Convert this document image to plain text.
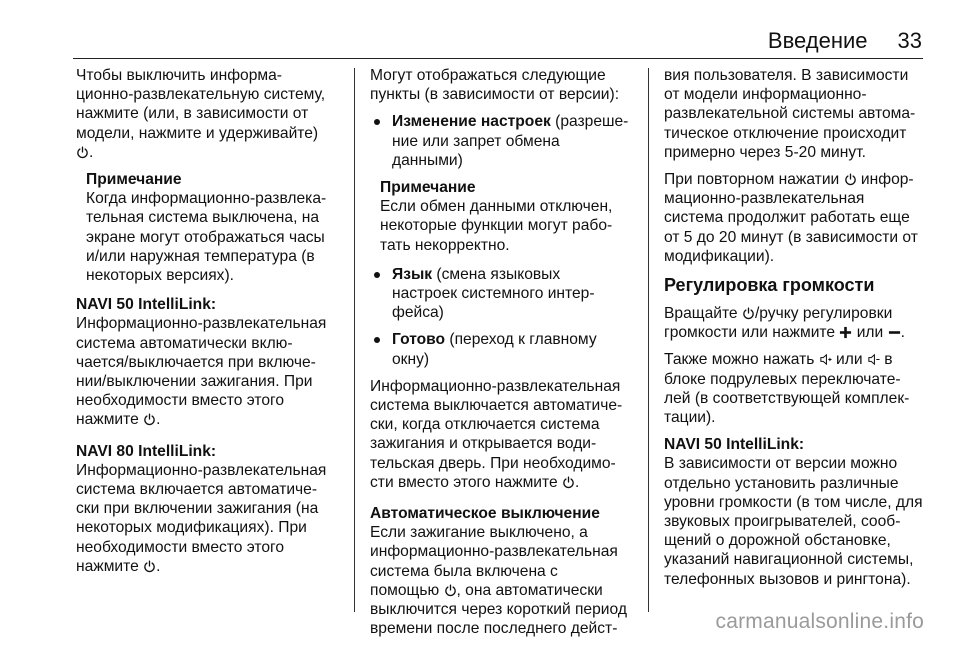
Введение 33

Чтобы выключить информа-
ционно-развлекательную систему,
нажмите (или, в зависимости от
модели, нажмите и удерживайте)
.

Примечание
Когда информационно-развлека-
тельная система выключена, на
экране могут отображаться часы
и/или наружная температура (в
некоторых версиях).

NAVI 50 IntelliLink:
Информационно-развлекательная
система автоматически вклю-
чается/выключается при включе-
нии/выключении зажигания. При
необходимости вместо этого
нажмите .

NAVI 80 IntelliLink:
Информационно-развлекательная
система включается автоматиче-
ски при включении зажигания (на
некоторых модификациях). При
необходимости вместо этого
нажмите .

Могут отображаться следующие
пункты (в зависимости от версии):

Изменение настроек (разреше-
ние или запрет обмена
данными)
Примечание
Если обмен данными отключен,
некоторые функции могут рабо-
тать некорректно.
Язык (смена языковых
настроек системного интер-
фейса)
Готово (переход к главному
окну)

Информационно-развлекательная
система выключается автоматиче-
ски, когда отключается система
зажигания и открывается води-
тельская дверь. При необходимо-
сти вместо этого нажмите .

Автоматическое выключение
Если зажигание выключено, а
информационно-развлекательная
система была включена с
помощью , она автоматически
выключится через короткий период
времени после последнего дейст-

вия пользователя. В зависимости
от модели информационно-
развлекательной системы автома-
тическое отключение происходит
примерно через 5-20 минут.

При повторном нажатии
инфор-
мационно-развлекательная
система продолжит работать еще
от 5 до 20 минут (в зависимости от
модификации).

Регулировка громкости

Вращайте /ручку регулировки
громкости или нажмите
или
.

Также можно нажать
или
в
блоке подрулевых переключате-
лей (в соответствующей комплек-
тации).

NAVI 50 IntelliLink:
В зависимости от версии можно
отдельно установить различные
уровни громкости (в том числе, для
звуковых проигрывателей, сооб-
щений о дорожной обстановке,
указаний навигационной системы,
телефонных вызовов и рингтона).

carmanualsonline.info
